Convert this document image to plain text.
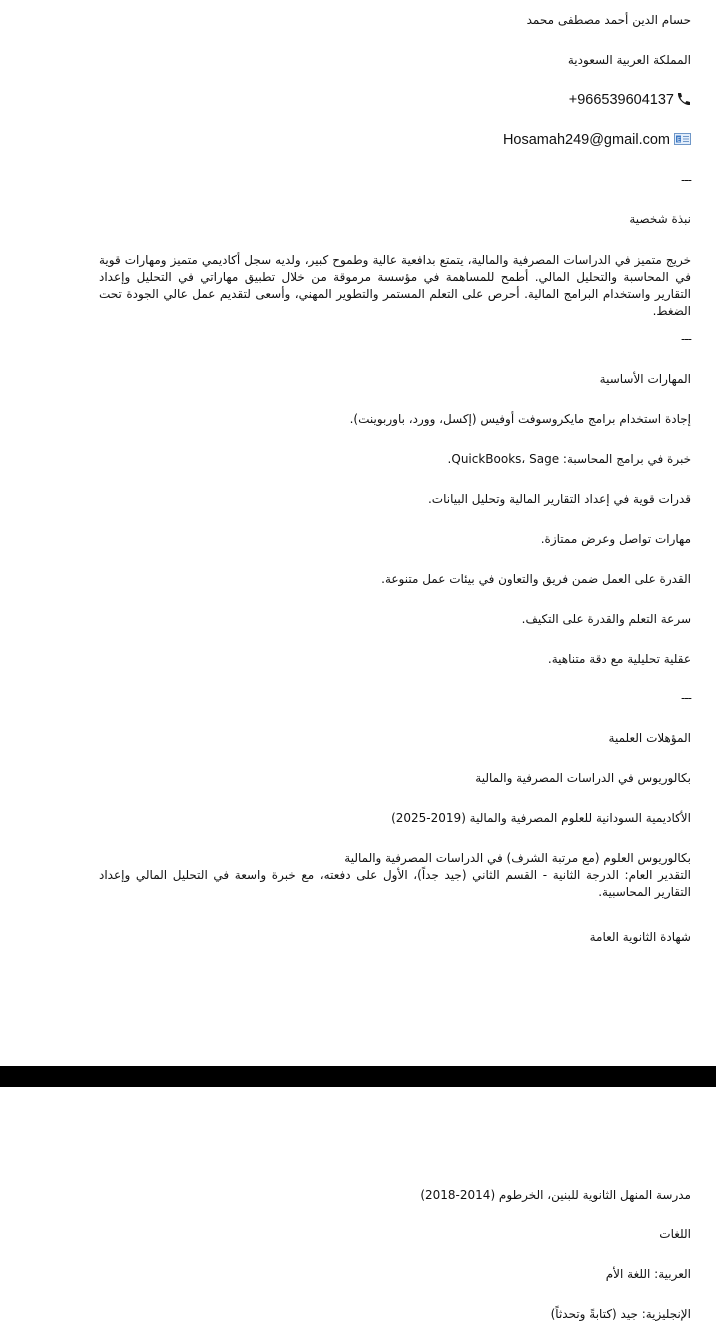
حسام الدين أحمد مصطفى محمد
المملكة العربية السعودية
+966539604137
Hosamah249@gmail.com E
---
نبذة شخصية
خريج متميز في الدراسات المصرفية والمالية، يتمتع بدافعية عالية وطموح كبير، ولديه سجل أكاديمي متميز ومهارات قوية في المحاسبة والتحليل المالي. أطمح للمساهمة في مؤسسة مرموقة من خلال تطبيق مهاراتي في التحليل وإعداد التقارير واستخدام البرامج المالية. أحرص على التعلم المستمر والتطوير المهني، وأسعى لتقديم عمل عالي الجودة تحت الضغط.
---
المهارات الأساسية
إجادة استخدام برامج مايكروسوفت أوفيس (إكسل، وورد، باوربوينت).
خبرة في برامج المحاسبة: QuickBooks، Sage.
قدرات قوية في إعداد التقارير المالية وتحليل البيانات.
مهارات تواصل وعرض ممتازة.
القدرة على العمل ضمن فريق والتعاون في بيئات عمل متنوعة.
سرعة التعلم والقدرة على التكيف.
عقلية تحليلية مع دقة متناهية.
---
المؤهلات العلمية
بكالوريوس في الدراسات المصرفية والمالية
الأكاديمية السودانية للعلوم المصرفية والمالية (2019-2025)
بكالوريوس العلوم (مع مرتبة الشرف) في الدراسات المصرفية والمالية
التقدير العام: الدرجة الثانية - القسم الثاني (جيد جداً)، الأول على دفعته، مع خبرة واسعة في التحليل المالي وإعداد التقارير المحاسبية.
شهادة الثانوية العامة
مدرسة المنهل الثانوية للبنين، الخرطوم (2014-2018)
اللغات
العربية: اللغة الأم
الإنجليزية: جيد (كتابةً وتحدثاً)
